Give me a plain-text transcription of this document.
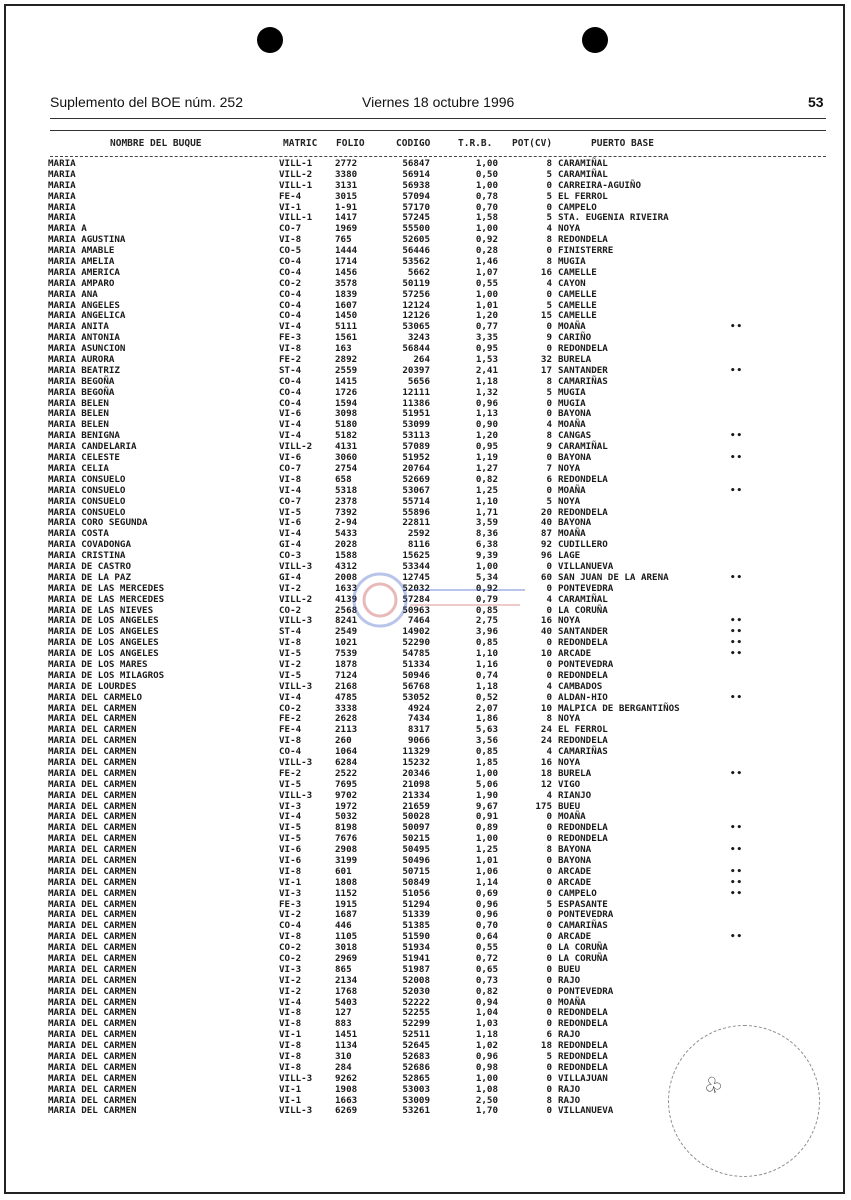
Suplemento del BOE núm. 252	Viernes 18 octubre 1996	53
NOMBRE DEL BUQUE	MATRIC FOLIO	CODIGO	T.R.B. POT(CV)	PUERTO BASE
MARIA	VILL-1 2772	56847	1,00	8 CARAMIÑAL
MARIA	VILL-2 3380	56914	0,50	5 CARAMIÑAL
MARIA	VILL-1 3131	56938	1,00	0 CARREIRA-AGUIÑO
MARIA	FE-4	3015	57094	0,78	5 EL FERROL
MARIA	VI-1	1-91	57170	0,70	0 CAMPELO
MARIA	VILL-1 1417	57245	1,58	5 STA. EUGENIA RIVEIRA
MARIA A	CO-7	1969	55500	1,00	4 NOYA
MARIA AGUSTINA	VI-8	765	52605	0,92	8 REDONDELA
MARIA AMABLE	CO-5	1444	56446	0,28	0 FINISTERRE
MARIA AMELIA	CO-4	1714	53562	1,46	8 MUGIA
MARIA AMERICA	CO-4	1456	5662	1,07	16 CAMELLE
MARIA AMPARO	CO-2	3578	50119	0,55	4 CAYON
MARIA ANA	CO-4	1839	57256	1,00	0 CAMELLE
MARIA ANGELES	CO-4	1607	12124	1,01	5 CAMELLE
MARIA ANGELICA	CO-4	1450	12126	1,20	15 CAMELLE
MARIA ANITA	VI-4	5111	53065	0,77	0 MOAÑA	••
MARIA ANTONIA	FE-3	1561	3243	3,35	9 CARIÑO
MARIA ASUNCION	VI-8	163	56844	0,95	0 REDONDELA
MARIA AURORA	FE-2	2892	264	1,53	32 BURELA
MARIA BEATRIZ	ST-4	2559	20397	2,41	17 SANTANDER	••
MARIA BEGOÑA	CO-4	1415	5656	1,18	8 CAMARIÑAS
MARIA BEGOÑA	CO-4	1726	12111	1,32	5 MUGIA
MARIA BELEN	CO-4	1594	11386	0,96	0 MUGIA
MARIA BELEN	VI-6	3098	51951	1,13	0 BAYONA
MARIA BELEN	VI-4	5180	53099	0,90	4 MOAÑA
MARIA BENIGNA	VI-4	5182	53113	1,20	8 CANGAS	••
MARIA CANDELARIA	VILL-2 4131	57089	0,95	9 CARAMIÑAL
MARIA CELESTE	VI-6	3060	51952	1,19	0 BAYONA	••
MARIA CELIA	CO-7	2754	20764	1,27	7 NOYA
MARIA CONSUELO	VI-8	658	52669	0,82	6 REDONDELA
MARIA CONSUELO	VI-4	5318	53067	1,25	0 MOAÑA	••
MARIA CONSUELO	CO-7	2378	55714	1,10	5 NOYA
MARIA CONSUELO	VI-5	7392	55896	1,71	20 REDONDELA
MARIA CORO SEGUNDA	VI-6	2-94	22811	3,59	40 BAYONA
MARIA COSTA	VI-4	5433	2592	8,36	87 MOAÑA
MARIA COVADONGA	GI-4	2028	8116	6,38	92 CUDILLERO
MARIA CRISTINA	CO-3	1588	15625	9,39	96 LAGE
MARIA DE CASTRO	VILL-3 4312	53344	1,00	0 VILLANUEVA
MARIA DE LA PAZ	GI-4	2008	12745	5,34	60 SAN JUAN DE LA ARENA	••
MARIA DE LAS MERCEDES	VI-2	1633	52032	0,92	0 PONTEVEDRA
MARIA DE LAS MERCEDES	VILL-2 4139	57284	0,79	4 CARAMIÑAL
MARIA DE LAS NIEVES	CO-2	2568	50963	0,85	0 LA CORUÑA
MARIA DE LOS ANGELES	VILL-3 8241	7464	2,75	16 NOYA	••
MARIA DE LOS ANGELES	ST-4	2549	14902	3,96	40 SANTANDER	••
MARIA DE LOS ANGELES	VI-8	1021	52290	0,85	0 REDONDELA	••
MARIA DE LOS ANGELES	VI-5	7539	54785	1,10	10 ARCADE	••
MARIA DE LOS MARES	VI-2	1878	51334	1,16	0 PONTEVEDRA
MARIA DE LOS MILAGROS	VI-5	7124	50946	0,74	0 REDONDELA
MARIA DE LOURDES	VILL-3 2168	56768	1,18	4 CAMBADOS
MARIA DEL CARMELO	VI-4	4785	53052	0,52	0 ALDAN-HIO	••
MARIA DEL CARMEN	CO-2	3338	4924	2,07	10 MALPICA DE BERGANTIÑOS
MARIA DEL CARMEN	FE-2	2628	7434	1,86	8 NOYA
MARIA DEL CARMEN	FE-4	2113	8317	5,63	24 EL FERROL
MARIA DEL CARMEN	VI-8	260	9066	3,56	24 REDONDELA
MARIA DEL CARMEN	CO-4	1064	11329	0,85	4 CAMARIÑAS
MARIA DEL CARMEN	VILL-3 6284	15232	1,85	16 NOYA
MARIA DEL CARMEN	FE-2	2522	20346	1,00	18 BURELA	••
MARIA DEL CARMEN	VI-5	7695	21098	5,06	12 VIGO
MARIA DEL CARMEN	VILL-3 9702	21334	1,90	4 RIANJO
MARIA DEL CARMEN	VI-3	1972	21659	9,67	175 BUEU
MARIA DEL CARMEN	VI-4	5032	50028	0,91	0 MOAÑA
MARIA DEL CARMEN	VI-5	8198	50097	0,89	0 REDONDELA	••
MARIA DEL CARMEN	VI-5	7676	50215	1,00	0 REDONDELA
MARIA DEL CARMEN	VI-6	2908	50495	1,25	8 BAYONA	••
MARIA DEL CARMEN	VI-6	3199	50496	1,01	0 BAYONA
MARIA DEL CARMEN	VI-8	601	50715	1,06	0 ARCADE	••
MARIA DEL CARMEN	VI-1	1808	50849	1,14	0 ARCADE	••
MARIA DEL CARMEN	VI-3	1152	51056	0,69	0 CAMPELO	••
MARIA DEL CARMEN	FE-3	1915	51294	0,96	5 ESPASANTE
MARIA DEL CARMEN	VI-2	1687	51339	0,96	0 PONTEVEDRA
MARIA DEL CARMEN	CO-4	446	51385	0,70	0 CAMARIÑAS
MARIA DEL CARMEN	VI-8	1105	51590	0,64	0 ARCADE	••
MARIA DEL CARMEN	CO-2	3018	51934	0,55	0 LA CORUÑA
MARIA DEL CARMEN	CO-2	2969	51941	0,72	0 LA CORUÑA
MARIA DEL CARMEN	VI-3	865	51987	0,65	0 BUEU
MARIA DEL CARMEN	VI-2	2134	52008	0,73	0 RAJO
MARIA DEL CARMEN	VI-2	1768	52030	0,82	0 PONTEVEDRA
MARIA DEL CARMEN	VI-4	5403	52222	0,94	0 MOAÑA
MARIA DEL CARMEN	VI-8	127	52255	1,04	0 REDONDELA
MARIA DEL CARMEN	VI-8	883	52299	1,03	0 REDONDELA
MARIA DEL CARMEN	VI-1	1451	52511	1,18	6 RAJO
MARIA DEL CARMEN	VI-8	1134	52645	1,02	18 REDONDELA
MARIA DEL CARMEN	VI-8	310	52683	0,96	5 REDONDELA
MARIA DEL CARMEN	VI-8	284	52686	0,98	0 REDONDELA
MARIA DEL CARMEN	VILL-3 9262	52865	1,00	0 VILLAJUAN
MARIA DEL CARMEN	VI-1	1908	53003	1,08	0 RAJO
MARIA DEL CARMEN	VI-1	1663	53009	2,50	8 RAJO
MARIA DEL CARMEN	VILL-3 6269	53261	1,70	0 VILLANUEVA
♧
